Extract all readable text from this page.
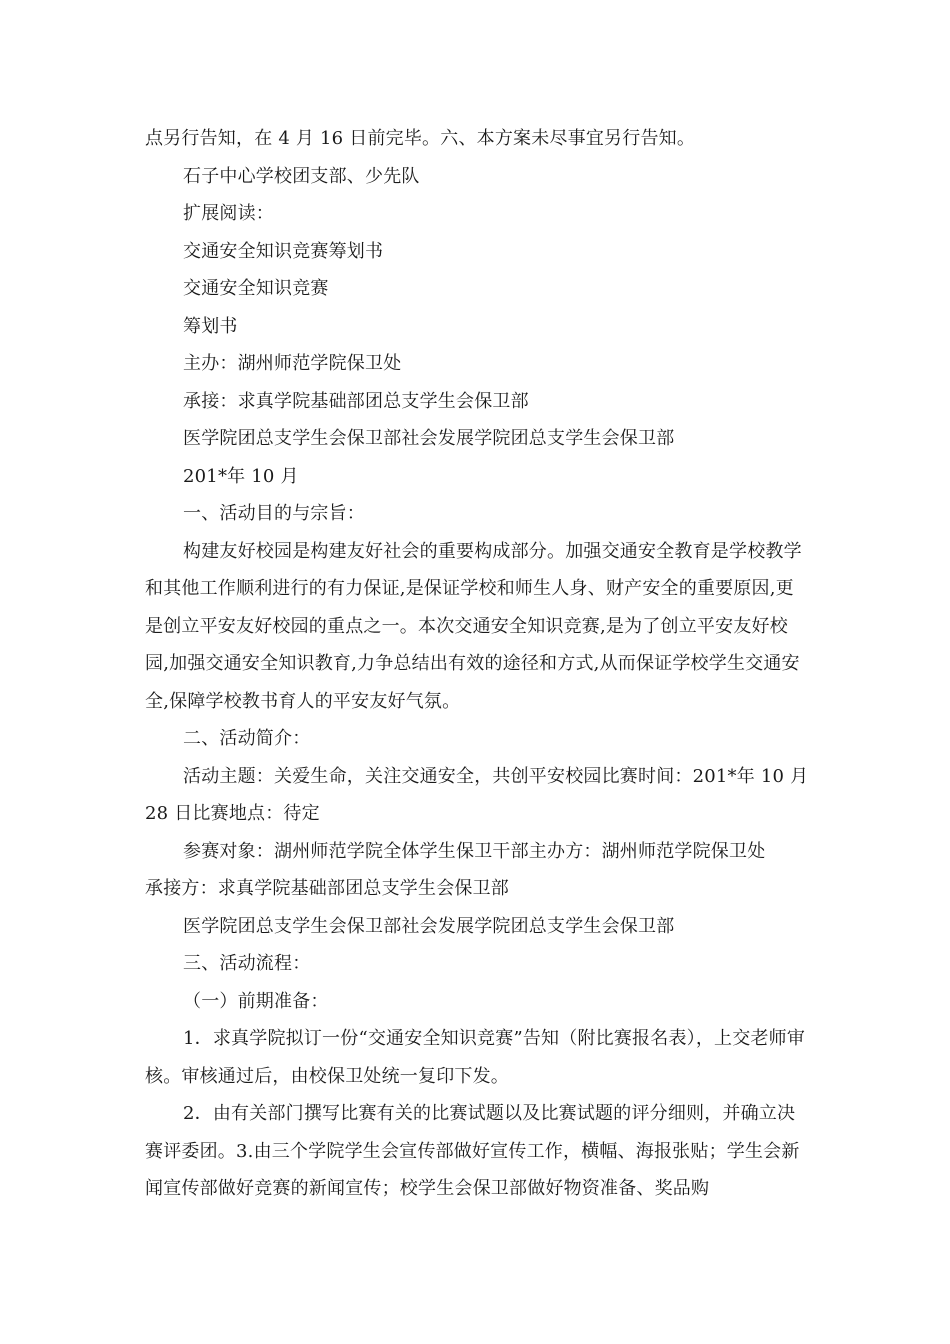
点另行告知，在 4 月 16 日前完毕。六、本方案未尽事宜另行告知。

石子中心学校团支部、少先队

扩展阅读：

交通安全知识竞赛筹划书

交通安全知识竞赛

筹划书

主办：湖州师范学院保卫处

承接：求真学院基础部团总支学生会保卫部

医学院团总支学生会保卫部社会发展学院团总支学生会保卫部

201*年 10 月

一、活动目的与宗旨：

构建友好校园是构建友好社会的重要构成部分。加强交通安全教育是学校教学和其他工作顺利进行的有力保证,是保证学校和师生人身、财产安全的重要原因,更是创立平安友好校园的重点之一。本次交通安全知识竞赛,是为了创立平安友好校园,加强交通安全知识教育,力争总结出有效的途径和方式,从而保证学校学生交通安全,保障学校教书育人的平安友好气氛。

二、活动简介：

活动主题：关爱生命，关注交通安全，共创平安校园比赛时间：201*年 10 月 28 日比赛地点：待定

参赛对象：湖州师范学院全体学生保卫干部主办方：湖州师范学院保卫处

承接方：求真学院基础部团总支学生会保卫部

医学院团总支学生会保卫部社会发展学院团总支学生会保卫部

三、活动流程：

（一）前期准备：

1．求真学院拟订一份“交通安全知识竞赛”告知（附比赛报名表），上交老师审核。审核通过后，由校保卫处统一复印下发。

2．由有关部门撰写比赛有关的比赛试题以及比赛试题的评分细则，并确立决赛评委团。3.由三个学院学生会宣传部做好宣传工作，横幅、海报张贴；学生会新闻宣传部做好竞赛的新闻宣传；校学生会保卫部做好物资准备、奖品购
